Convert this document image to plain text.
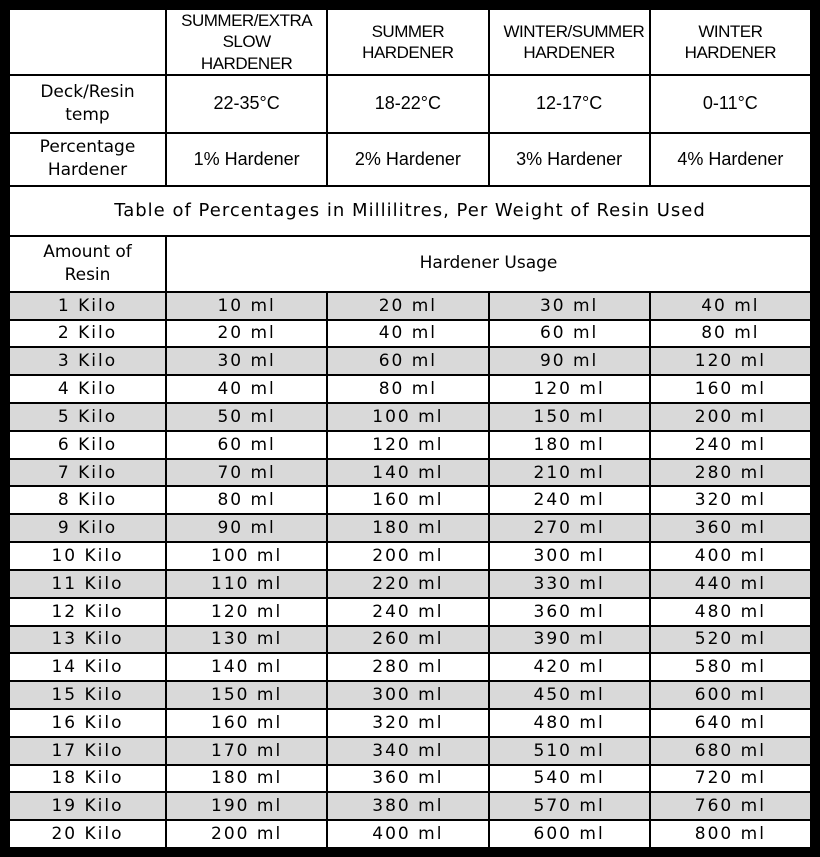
	SUMMER/EXTRA SLOW HARDENER	SUMMER HARDENER	WINTER/SUMMER HARDENER	WINTER HARDENER
Deck/Resin temp	22-35°C	18-22°C	12-17°C	0-11°C
Percentage Hardener	1% Hardener	2% Hardener	3% Hardener	4% Hardener
Table of Percentages in Millilitres, Per Weight of Resin Used				
Amount of Resin	Hardener Usage			
1 Kilo	10 ml	20 ml	30 ml	40 ml
2 Kilo	20 ml	40 ml	60 ml	80 ml
3 Kilo	30 ml	60 ml	90 ml	120 ml
4 Kilo	40 ml	80 ml	120 ml	160 ml
5 Kilo	50 ml	100 ml	150 ml	200 ml
6 Kilo	60 ml	120 ml	180 ml	240 ml
7 Kilo	70 ml	140 ml	210 ml	280 ml
8 Kilo	80 ml	160 ml	240 ml	320 ml
9 Kilo	90 ml	180 ml	270 ml	360 ml
10 Kilo	100 ml	200 ml	300 ml	400 ml
11 Kilo	110 ml	220 ml	330 ml	440 ml
12 Kilo	120 ml	240 ml	360 ml	480 ml
13 Kilo	130 ml	260 ml	390 ml	520 ml
14 Kilo	140 ml	280 ml	420 ml	580 ml
15 Kilo	150 ml	300 ml	450 ml	600 ml
16 Kilo	160 ml	320 ml	480 ml	640 ml
17 Kilo	170 ml	340 ml	510 ml	680 ml
18 Kilo	180 ml	360 ml	540 ml	720 ml
19 Kilo	190 ml	380 ml	570 ml	760 ml
20 Kilo	200 ml	400 ml	600 ml	800 ml
